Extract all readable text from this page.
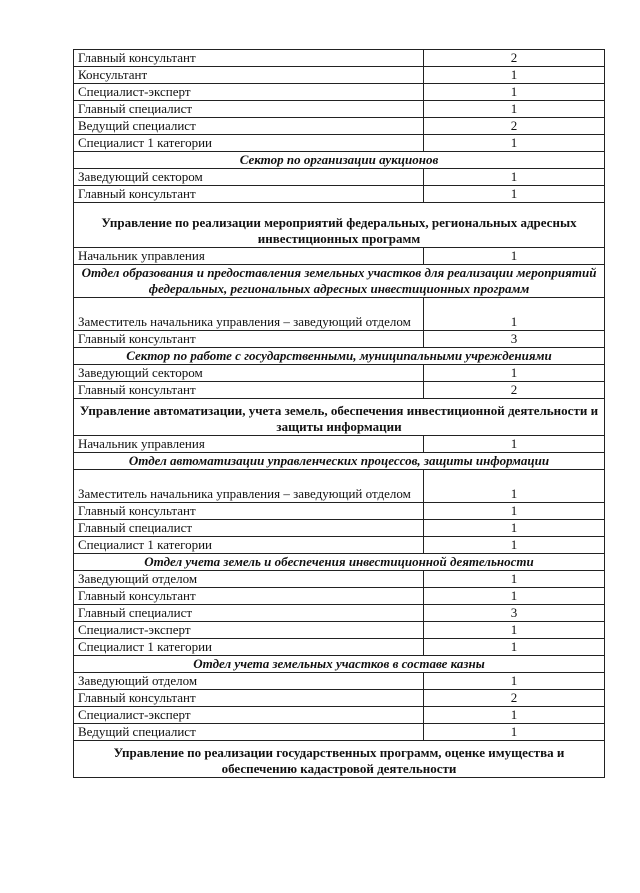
Главный консультант	2
Консультант	1
Специалист-эксперт	1
Главный специалист	1
Ведущий специалист	2
Специалист 1 категории	1
Сектор по организации аукционов	
Заведующий сектором	1
Главный консультант	1
Управление по реализации мероприятий федеральных, региональных адресных инвестиционных программ	
Начальник управления	1
Отдел образования и предоставления земельных участков для реализации мероприятий федеральных, региональных адресных инвестиционных программ	
Заместитель начальника управления – заведующий отделом	1
Главный консультант	3
Сектор по работе с государственными, муниципальными учреждениями	
Заведующий сектором	1
Главный консультант	2
Управление автоматизации, учета земель, обеспечения инвестиционной деятельности и защиты информации	
Начальник управления	1
Отдел автоматизации управленческих процессов, защиты информации	
Заместитель начальника управления – заведующий отделом	1
Главный консультант	1
Главный специалист	1
Специалист 1 категории	1
Отдел учета земель и обеспечения инвестиционной деятельности	
Заведующий отделом	1
Главный консультант	1
Главный специалист	3
Специалист-эксперт	1
Специалист 1 категории	1
Отдел учета земельных участков в составе казны	
Заведующий отделом	1
Главный консультант	2
Специалист-эксперт	1
Ведущий специалист	1
Управление по реализации государственных программ, оценке имущества и обеспечению кадастровой деятельности	
